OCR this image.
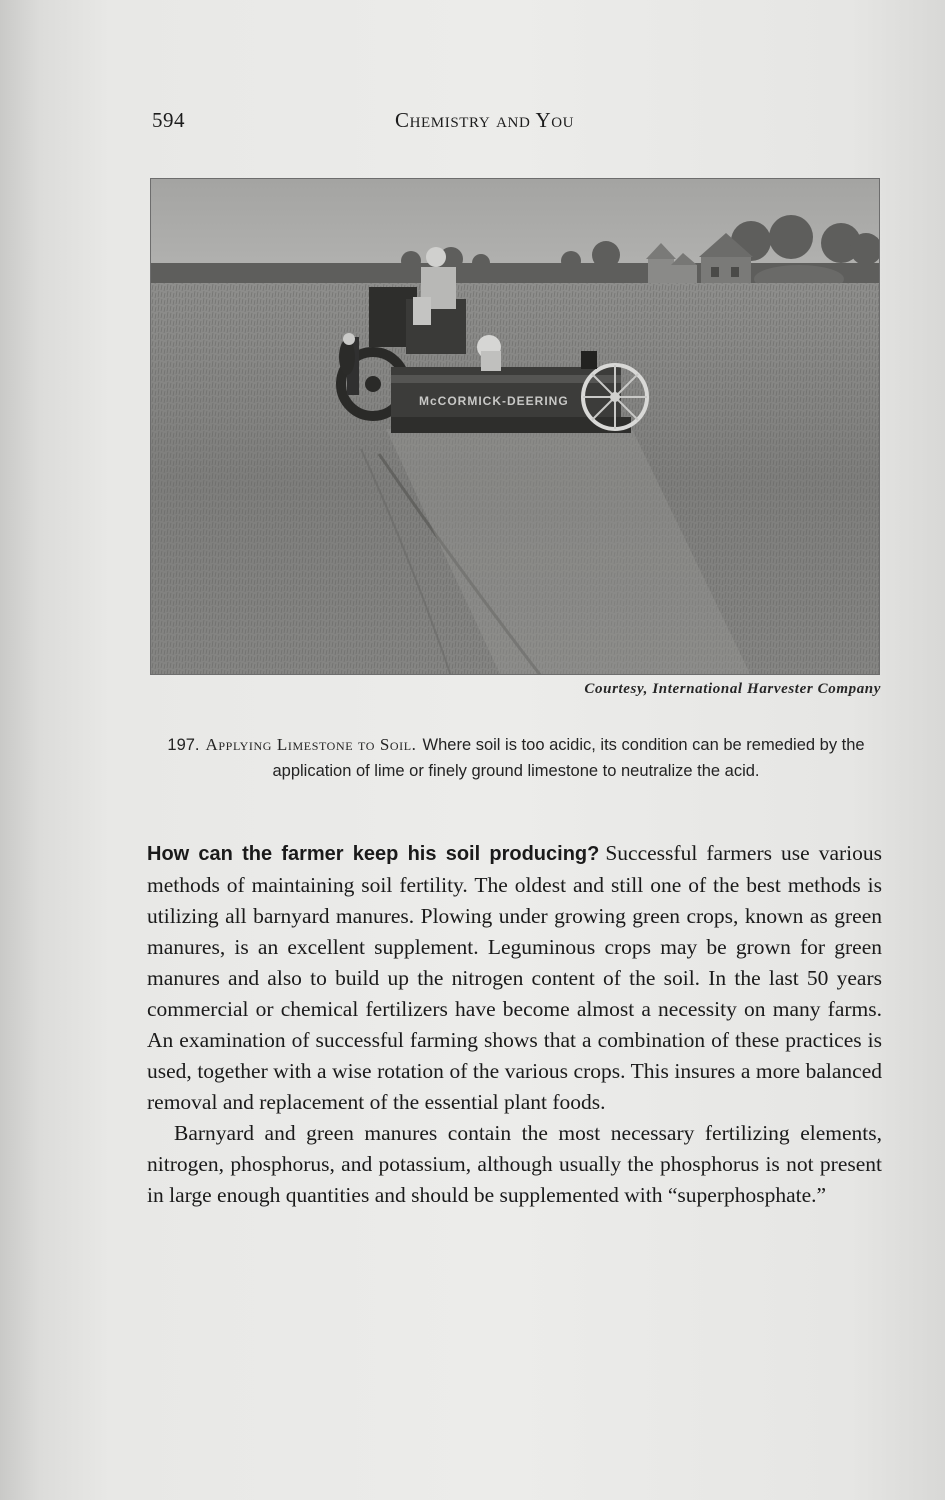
594	Chemistry and You
McCORMICK-DEERING
Courtesy, International Harvester Company
197. Applying Limestone to Soil. Where soil is too acidic, its condition can be remedied by the application of lime or finely ground limestone to neutralize the acid.

How can the farmer keep his soil producing? Successful farmers use various methods of maintaining soil fertility. The oldest and still one of the best methods is utilizing all barnyard manures. Plowing under growing green crops, known as green manures, is an excellent supplement. Leguminous crops may be grown for green manures and also to build up the nitrogen content of the soil. In the last 50 years commercial or chemical fertilizers have become almost a necessity on many farms. An examination of successful farming shows that a combination of these practices is used, together with a wise rotation of the various crops. This insures a more balanced removal and replacement of the essential plant foods.

Barnyard and green manures contain the most necessary fertilizing elements, nitrogen, phosphorus, and potassium, although usually the phosphorus is not present in large enough quantities and should be supplemented with “superphosphate.”
